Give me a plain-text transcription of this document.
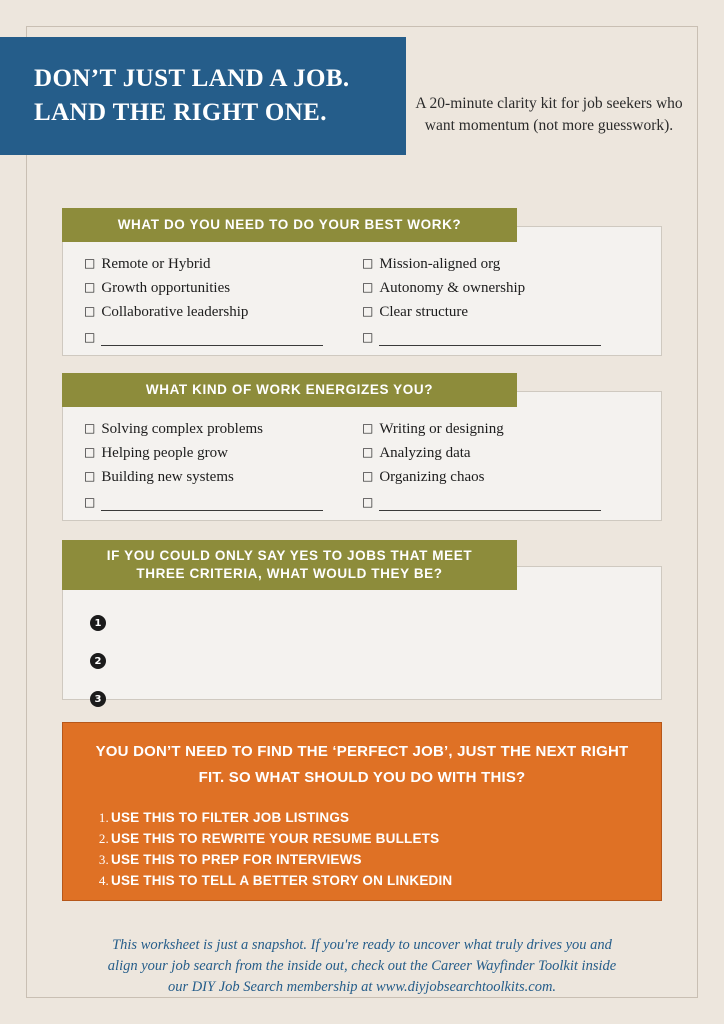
DON’T JUST LAND A JOB.
LAND THE RIGHT ONE.	A 20-minute clarity kit for job seekers who want momentum (not more guesswork).
WHAT DO YOU NEED TO DO YOUR BEST WORK?
□ Remote or Hybrid
□ Growth opportunities
□ Collaborative leadership
□
□ Mission-aligned org
□ Autonomy & ownership
□ Clear structure
□
WHAT KIND OF WORK ENERGIZES YOU?
□ Solving complex problems
□ Helping people grow
□ Building new systems
□
□ Writing or designing
□ Analyzing data
□ Organizing chaos
□
IF YOU COULD ONLY SAY YES TO JOBS THAT MEET
THREE CRITERIA, WHAT WOULD THEY BE?
1
2
3
YOU DON’T NEED TO FIND THE ‘PERFECT JOB’, JUST THE NEXT RIGHT
FIT. SO WHAT SHOULD YOU DO WITH THIS?
1. USE THIS TO FILTER JOB LISTINGS
2. USE THIS TO REWRITE YOUR RESUME BULLETS
3. USE THIS TO PREP FOR INTERVIEWS
4. USE THIS TO TELL A BETTER STORY ON LINKEDIN
This worksheet is just a snapshot. If you're ready to uncover what truly drives you and
align your job search from the inside out, check out the Career Wayfinder Toolkit inside
our DIY Job Search membership at www.diyjobsearchtoolkits.com.
